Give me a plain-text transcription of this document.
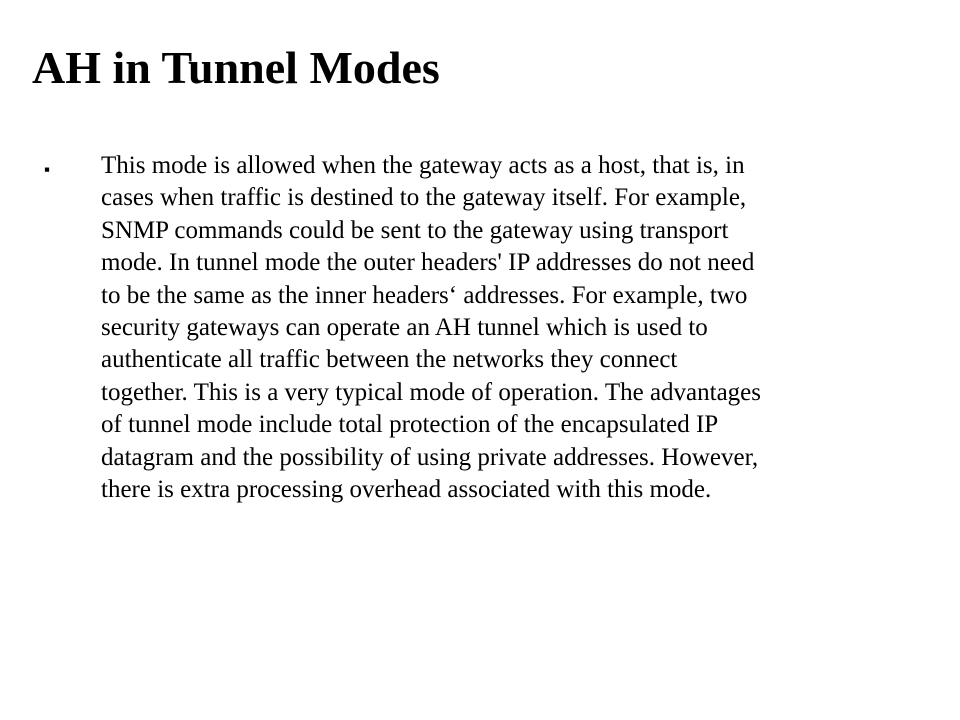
AH in Tunnel Modes
▪ This mode is allowed when the gateway acts as a host, that is, in
cases when traffic is destined to the gateway itself. For example,
SNMP commands could be sent to the gateway using transport
mode. In tunnel mode the outer headers' IP addresses do not need
to be the same as the inner headers‘ addresses. For example, two
security gateways can operate an AH tunnel which is used to
authenticate all traffic between the networks they connect
together. This is a very typical mode of operation. The advantages
of tunnel mode include total protection of the encapsulated IP
datagram and the possibility of using private addresses. However,
there is extra processing overhead associated with this mode.
